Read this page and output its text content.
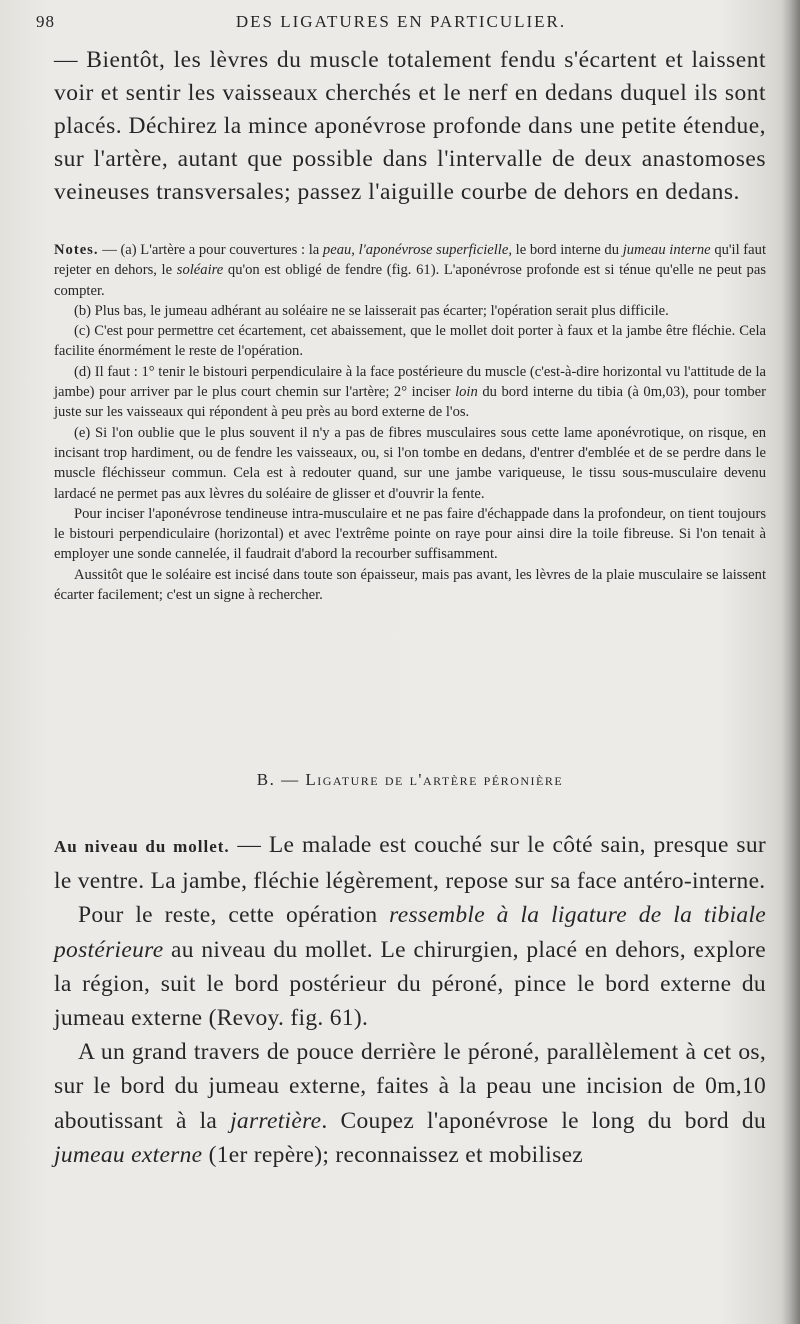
98	DES LIGATURES EN PARTICULIER.

— Bientôt, les lèvres du muscle totalement fendu s'écartent et laissent voir et sentir les vaisseaux cherchés et le nerf en dedans duquel ils sont placés. Déchirez la mince aponévrose profonde dans une petite étendue, sur l'artère, autant que possible dans l'intervalle de deux anastomoses veineuses transversales; passez l'aiguille courbe de dehors en dedans.

Notes. — (a) L'artère a pour couvertures : la peau, l'aponévrose superficielle, le bord interne du jumeau interne qu'il faut rejeter en dehors, le soléaire qu'on est obligé de fendre (fig. 61). L'aponévrose profonde est si ténue qu'elle ne peut pas compter.

(b) Plus bas, le jumeau adhérant au soléaire ne se laisserait pas écarter; l'opération serait plus difficile.

(c) C'est pour permettre cet écartement, cet abaissement, que le mollet doit porter à faux et la jambe être fléchie. Cela facilite énormément le reste de l'opération.

(d) Il faut : 1° tenir le bistouri perpendiculaire à la face postérieure du muscle (c'est-à-dire horizontal vu l'attitude de la jambe) pour arriver par le plus court chemin sur l'artère; 2° inciser loin du bord interne du tibia (à 0m,03), pour tomber juste sur les vaisseaux qui répondent à peu près au bord externe de l'os.

(e) Si l'on oublie que le plus souvent il n'y a pas de fibres musculaires sous cette lame aponévrotique, on risque, en incisant trop hardiment, ou de fendre les vaisseaux, ou, si l'on tombe en dedans, d'entrer d'emblée et de se perdre dans le muscle fléchisseur commun. Cela est à redouter quand, sur une jambe variqueuse, le tissu sous-musculaire devenu lardacé ne permet pas aux lèvres du soléaire de glisser et d'ouvrir la fente.

Pour inciser l'aponévrose tendineuse intra-musculaire et ne pas faire d'échappade dans la profondeur, on tient toujours le bistouri perpendiculaire (horizontal) et avec l'extrême pointe on raye pour ainsi dire la toile fibreuse. Si l'on tenait à employer une sonde cannelée, il faudrait d'abord la recourber suffisamment.

Aussitôt que le soléaire est incisé dans toute son épaisseur, mais pas avant, les lèvres de la plaie musculaire se laissent écarter facilement; c'est un signe à rechercher.

B. — Ligature de l'artère péronière

Au niveau du mollet. — Le malade est couché sur le côté sain, presque sur le ventre. La jambe, fléchie légèrement, repose sur sa face antéro-interne.

Pour le reste, cette opération ressemble à la ligature de la tibiale postérieure au niveau du mollet. Le chirurgien, placé en dehors, explore la région, suit le bord postérieur du péroné, pince le bord externe du jumeau externe (Revoy. fig. 61).

A un grand travers de pouce derrière le péroné, parallèlement à cet os, sur le bord du jumeau externe, faites à la peau une incision de 0m,10 aboutissant à la jarretière. Coupez l'aponévrose le long du bord du jumeau externe (1er repère); reconnaissez et mobilisez
